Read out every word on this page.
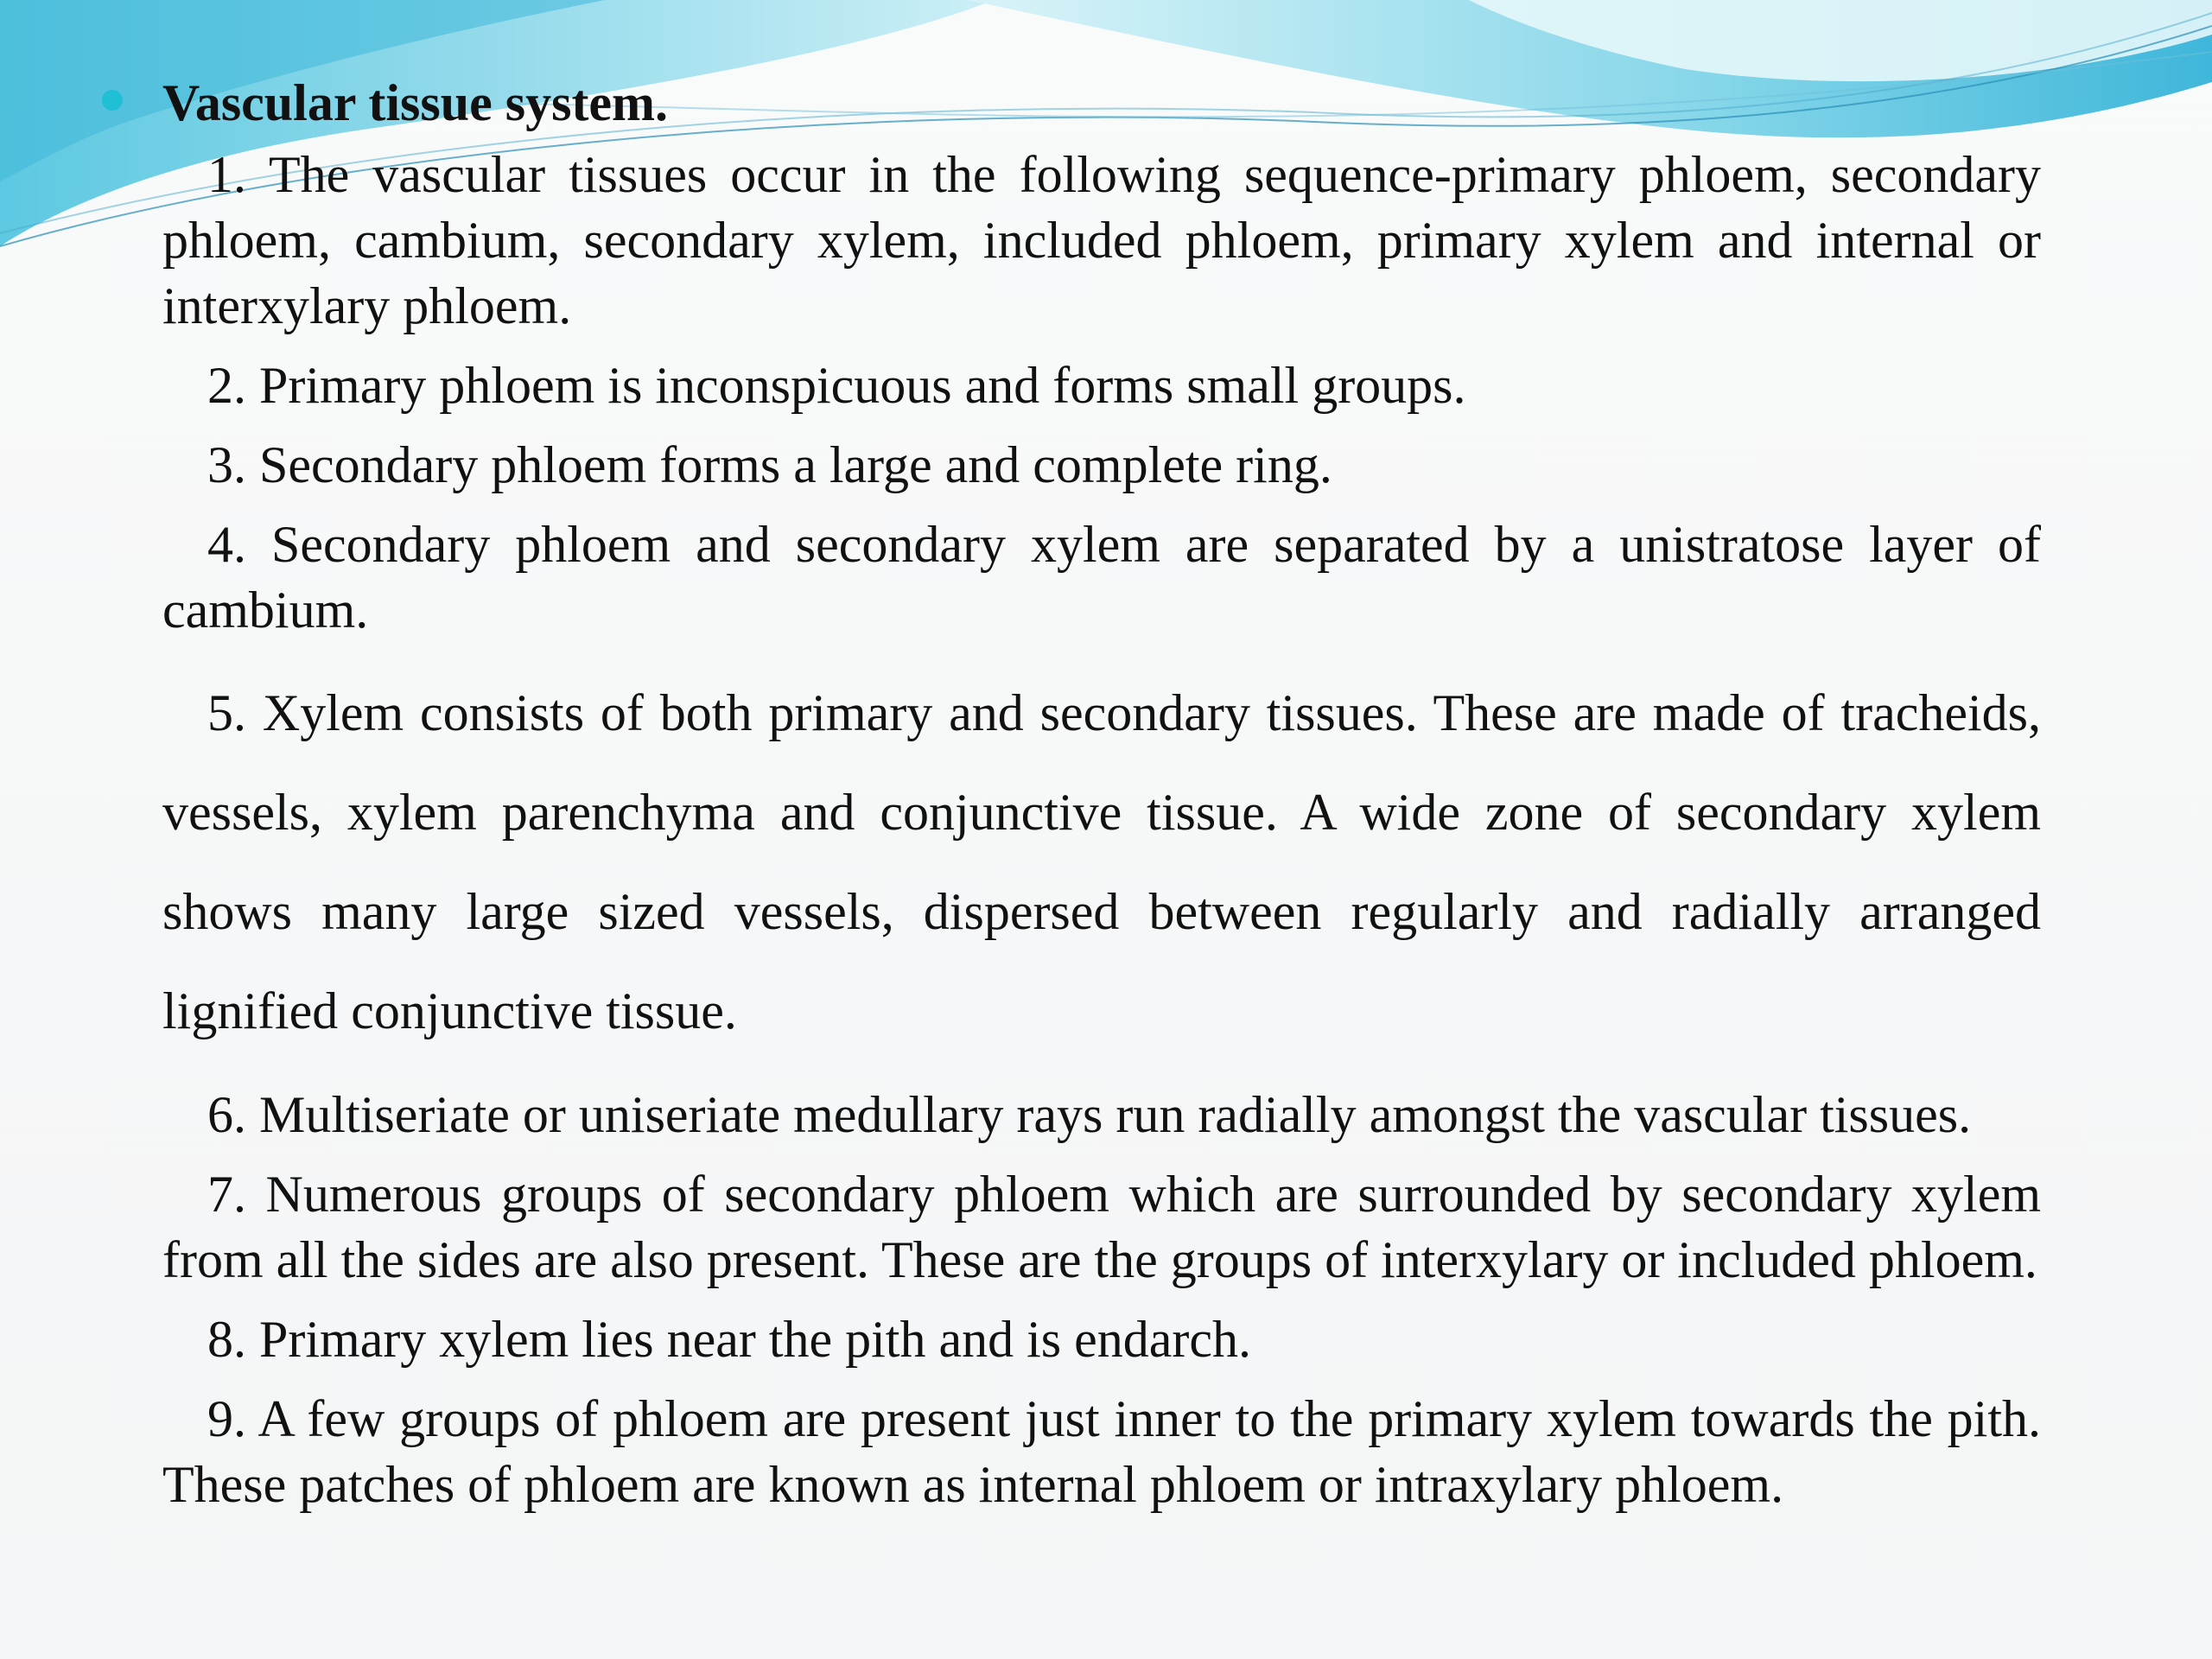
Vascular tissue system.

1. The vascular tissues occur in the following sequence-primary phloem, secondary phloem, cambium, secondary xylem, included phloem, primary xylem and internal or interxylary phloem.

2. Primary phloem is inconspicuous and forms small groups.

3. Secondary phloem forms a large and complete ring.

4. Secondary phloem and secondary xylem are separated by a unistratose layer of cambium.

5. Xylem consists of both primary and secondary tissues. These are made of tracheids, vessels, xylem parenchyma and conjunctive tissue. A wide zone of secondary xylem shows many large sized vessels, dispersed between regularly and radially arranged lignified conjunctive tissue.

6. Multiseriate or uniseriate medullary rays run radially amongst the vascular tissues.

7. Numerous groups of secondary phloem which are surrounded by secondary xylem from all the sides are also present. These are the groups of interxylary or included phloem.

8. Primary xylem lies near the pith and is endarch.

9. A few groups of phloem are present just inner to the primary xylem towards the pith. These patches of phloem are known as internal phloem or intraxylary phloem.
